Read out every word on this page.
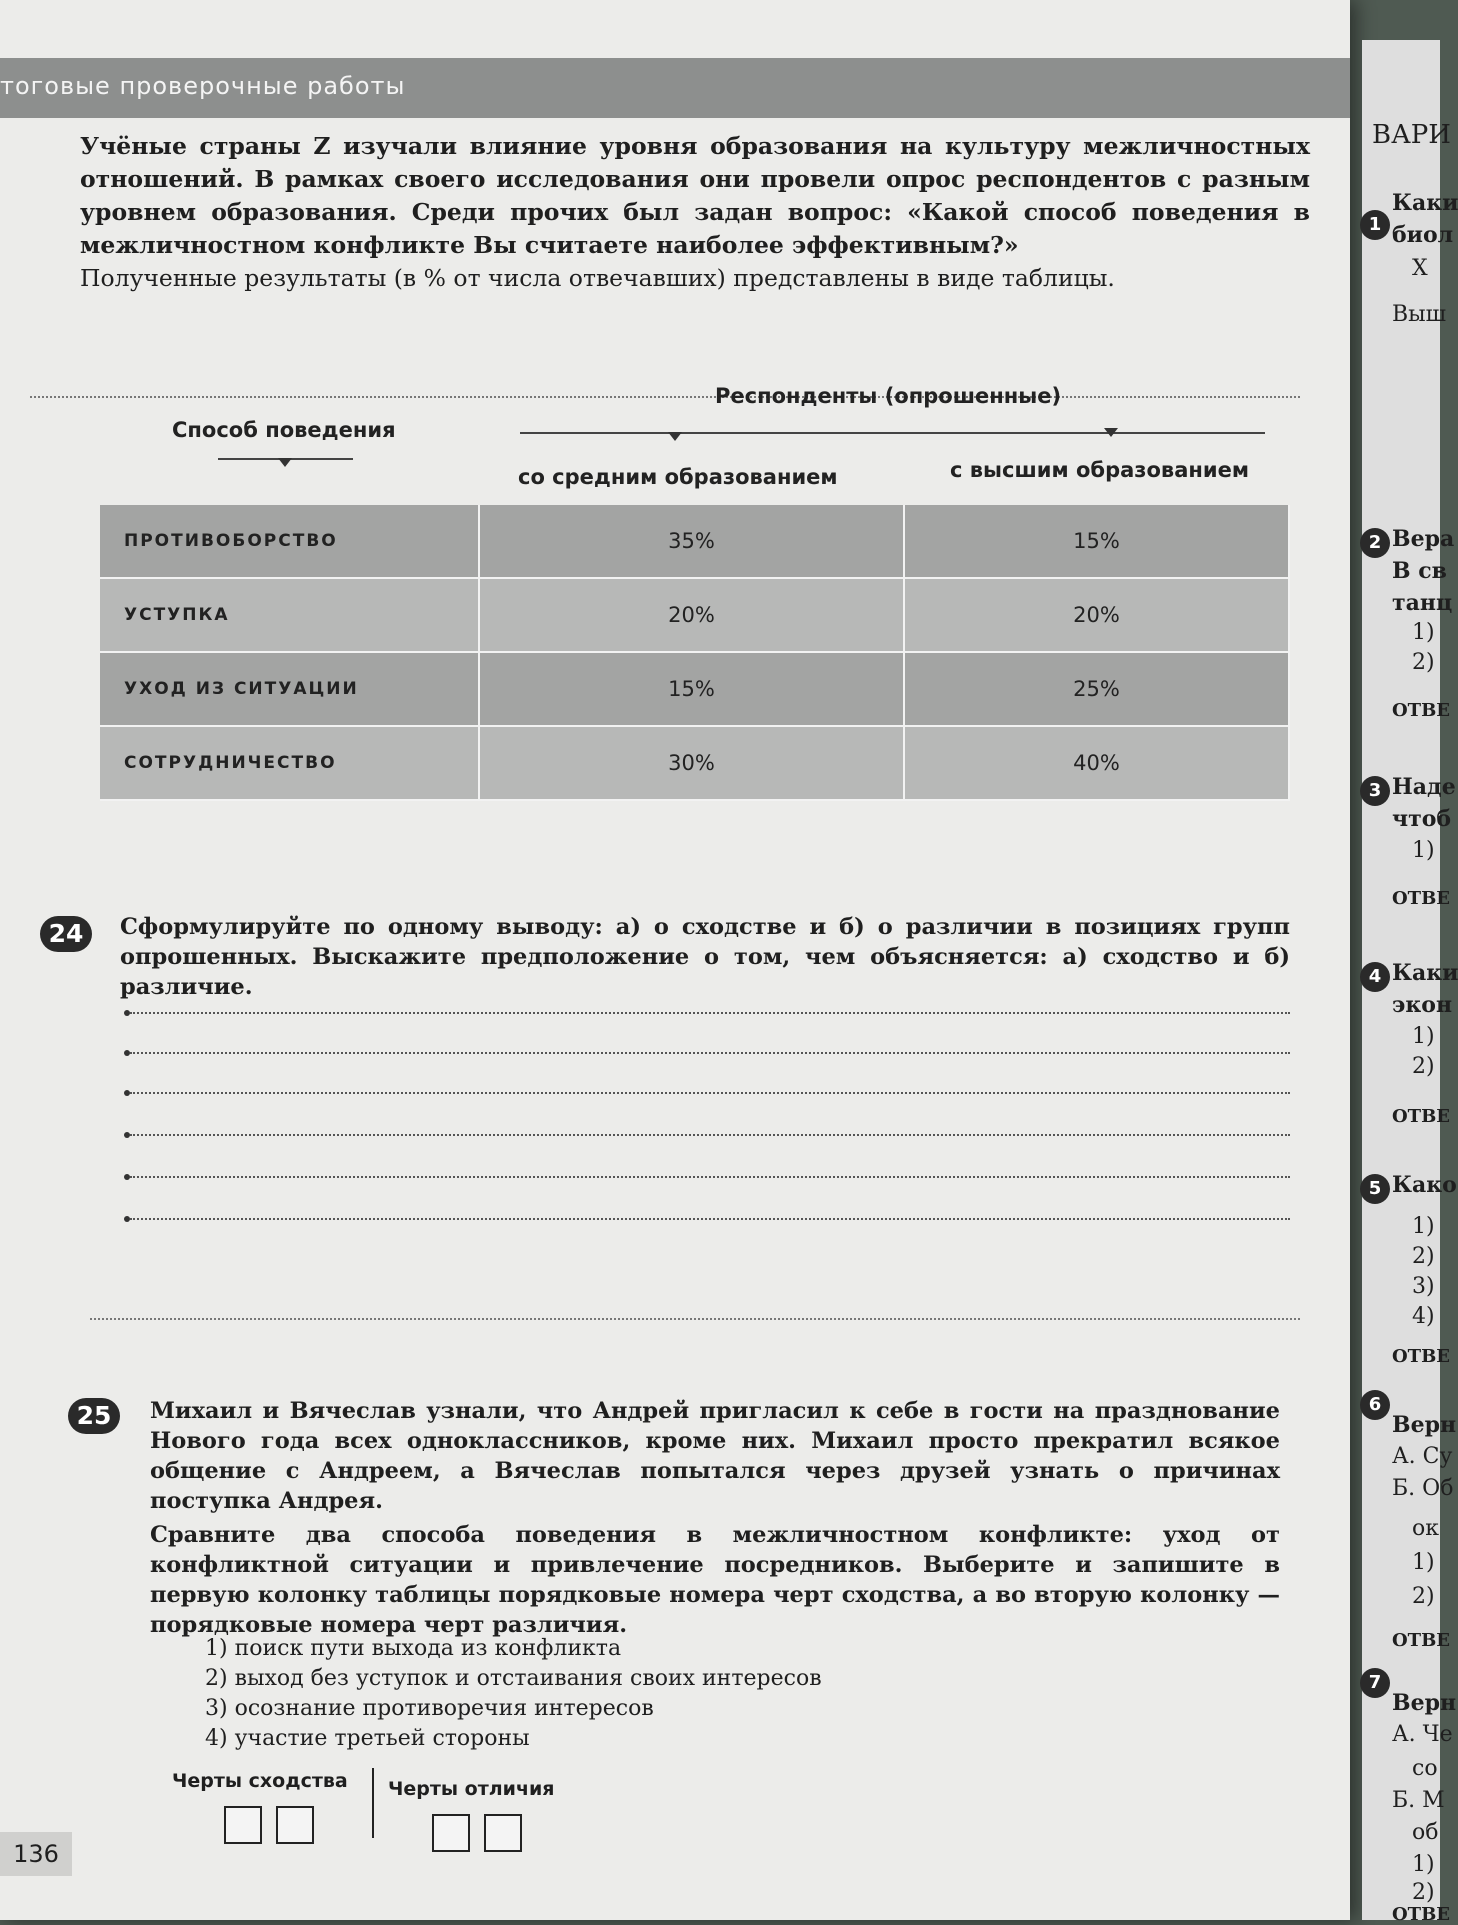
тоговые проверочные работы
Учёные страны Z изучали влияние уровня образования на культуру межличностных отношений. В рамках своего исследования они провели опрос респондентов с разным уровнем образования. Среди прочих был задан вопрос: «Какой способ поведения в межличностном конфликте Вы считаете наиболее эффективным?»
Полученные результаты (в % от числа отвечавших) представлены в виде таблицы.
Способ поведения
Респонденты (опрошенные)
со средним образованием	с высшим образованием
ПРОТИВОБОРСТВО	35%	15%
УСТУПКА	20%	20%
УХОД ИЗ СИТУАЦИИ	15%	25%
СОТРУДНИЧЕСТВО	30%	40%
24	Сформулируйте по одному выводу: а) о сходстве и б) о различии в позициях групп опрошенных. Выскажите предположение о том, чем объясняется: а) сходство и б) различие.
25	Михаил и Вячеслав узнали, что Андрей пригласил к себе в гости на празднование Нового года всех одноклассников, кроме них. Михаил просто прекратил всякое общение с Андреем, а Вячеслав попытался через друзей узнать о причинах поступка Андрея.
Сравните два способа поведения в межличностном конфликте: уход от конфликтной ситуации и привлечение посредников. Выберите и запишите в первую колонку таблицы порядковые номера черт сходства, а во вторую колонку — порядковые номера черт различия.
1) поиск пути выхода из конфликта
2) выход без уступок и отстаивания своих интересов
3) осознание противоречия интересов
4) участие третьей стороны
Черты сходства Черты отличия
136
ВАРИ
1
Каки
биол
Х
Выш
2 Вера
В св
танц
1)
2)
ОТВЕ
3 Наде
чтоб
1)
ОТВЕ
4 Каки
экон
1)
2)
ОТВЕ
5 Како
1)
2)
3)
4)
ОТВЕ
6
Верн
А. Су
Б. Об
ок
1)
2)
ОТВЕ
7
Верн
А. Че
со
Б. М
об
1)
2)
ОТВЕ
